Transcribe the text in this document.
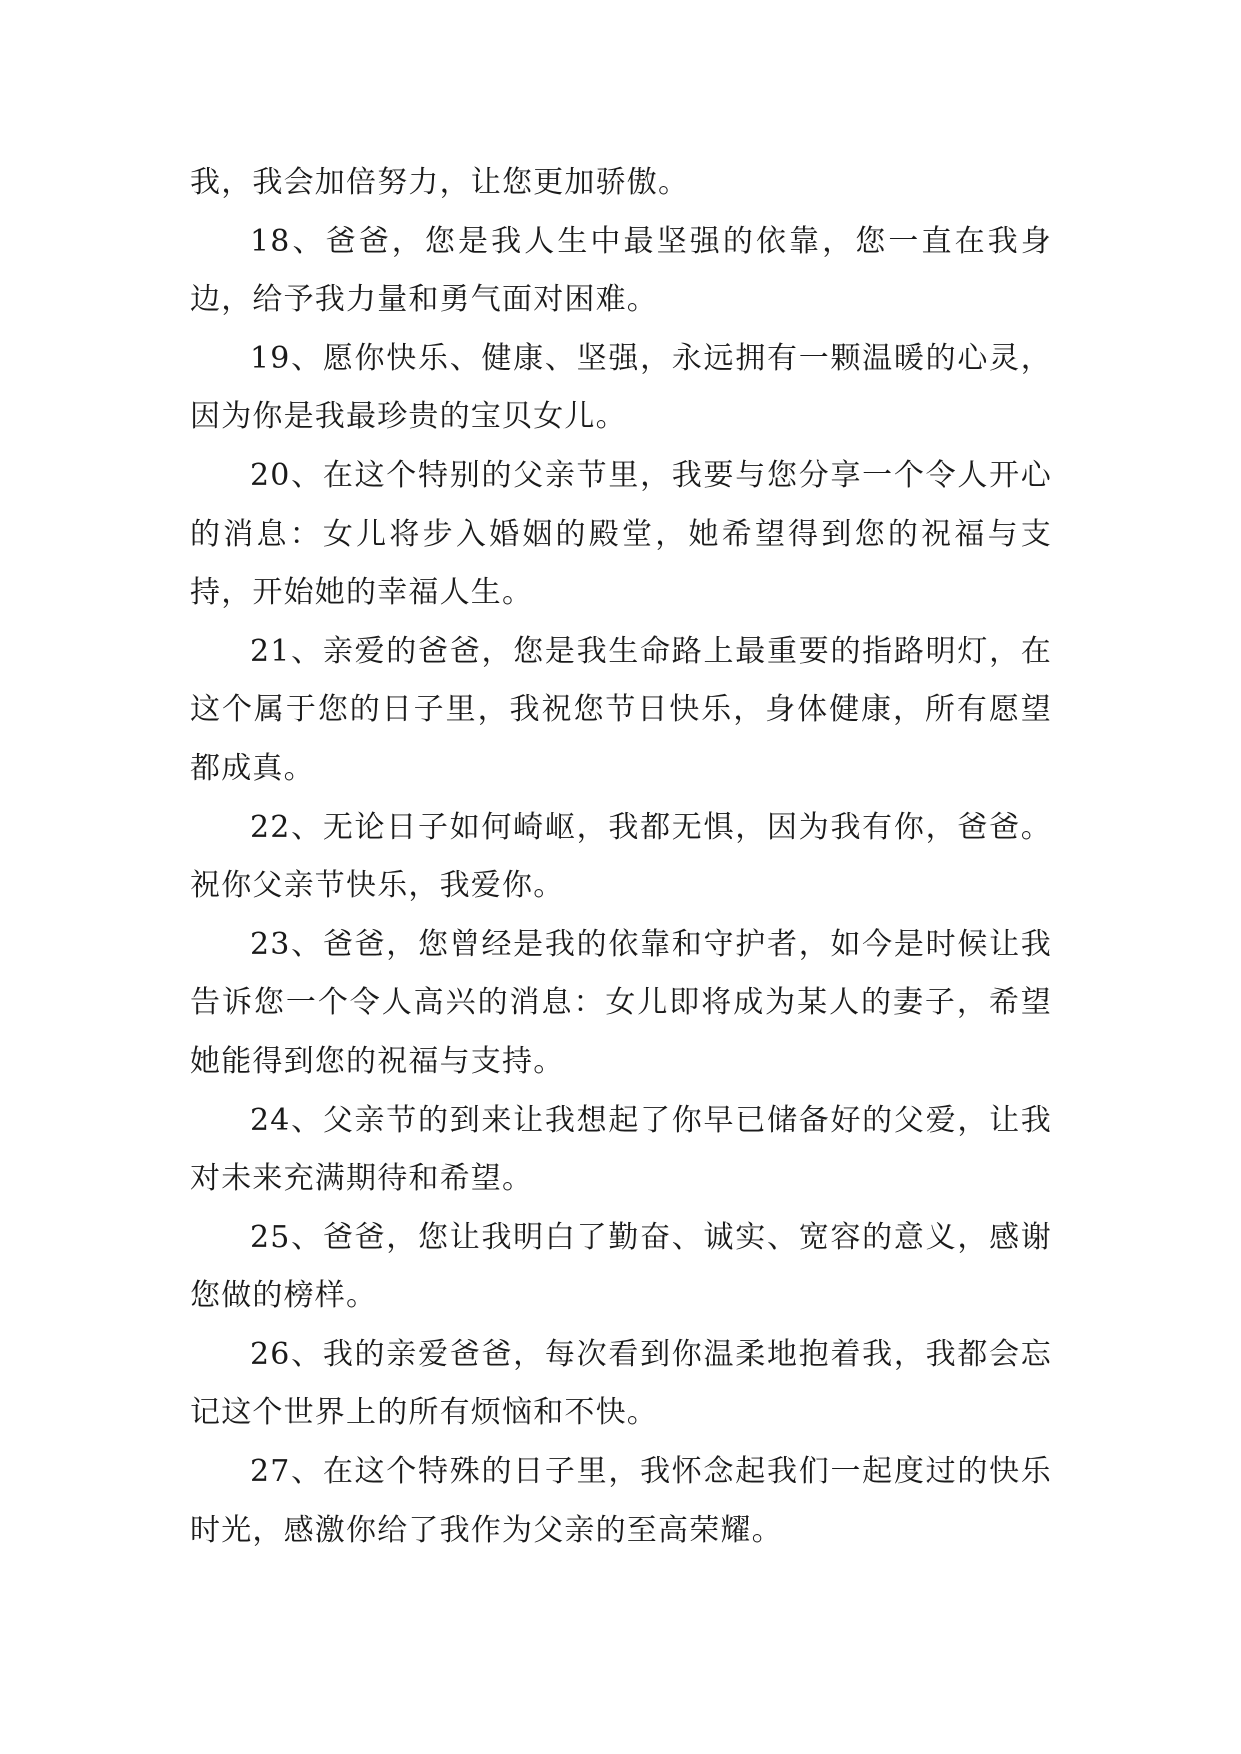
我，我会加倍努力，让您更加骄傲。

18、爸爸，您是我人生中最坚强的依靠，您一直在我身边，给予我力量和勇气面对困难。

19、愿你快乐、健康、坚强，永远拥有一颗温暖的心灵，因为你是我最珍贵的宝贝女儿。

20、在这个特别的父亲节里，我要与您分享一个令人开心的消息：女儿将步入婚姻的殿堂，她希望得到您的祝福与支持，开始她的幸福人生。

21、亲爱的爸爸，您是我生命路上最重要的指路明灯，在这个属于您的日子里，我祝您节日快乐，身体健康，所有愿望都成真。

22、无论日子如何崎岖，我都无惧，因为我有你，爸爸。祝你父亲节快乐，我爱你。

23、爸爸，您曾经是我的依靠和守护者，如今是时候让我告诉您一个令人高兴的消息：女儿即将成为某人的妻子，希望她能得到您的祝福与支持。

24、父亲节的到来让我想起了你早已储备好的父爱，让我对未来充满期待和希望。

25、爸爸，您让我明白了勤奋、诚实、宽容的意义，感谢您做的榜样。

26、我的亲爱爸爸，每次看到你温柔地抱着我，我都会忘记这个世界上的所有烦恼和不快。

27、在这个特殊的日子里，我怀念起我们一起度过的快乐时光，感激你给了我作为父亲的至高荣耀。
